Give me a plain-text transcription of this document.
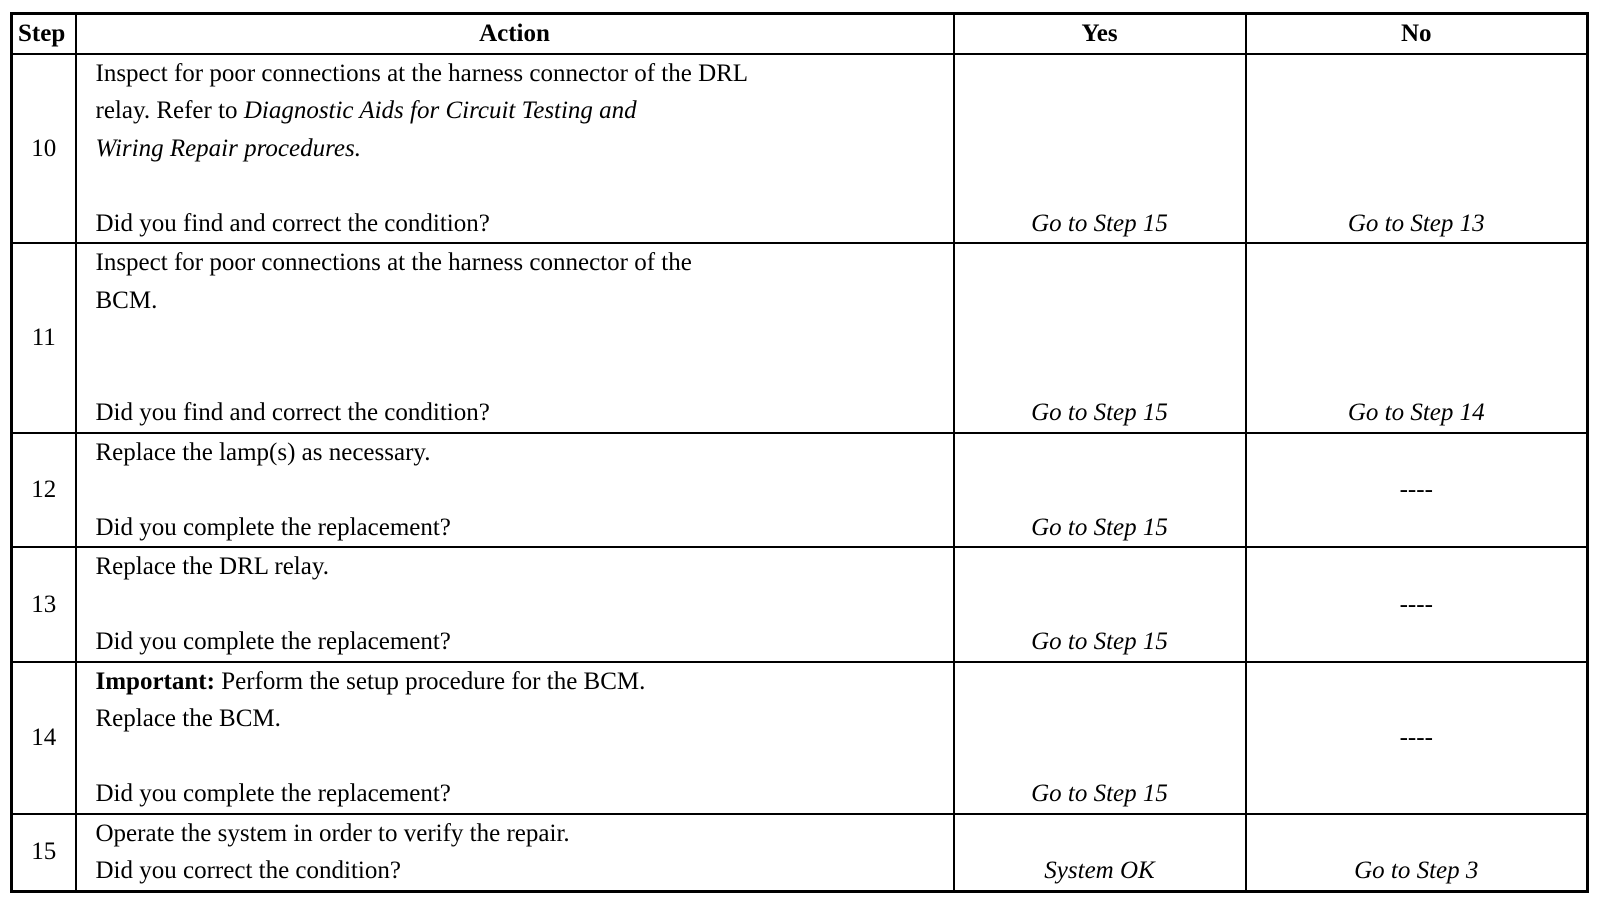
Step	Action	Yes	No
10	Inspect for poor connections at the harness connector of the DRL
relay. Refer to Diagnostic Aids for Circuit Testing and
Wiring Repair procedures.
Did you find and correct the condition?	Go to Step 15	Go to Step 13
11	Inspect for poor connections at the harness connector of the
BCM.
Did you find and correct the condition?	Go to Step 15	Go to Step 14
12	Replace the lamp(s) as necessary.
Did you complete the replacement?	Go to Step 15	----
13	Replace the DRL relay.
Did you complete the replacement?	Go to Step 15	----
14	Important: Perform the setup procedure for the BCM.
Replace the BCM.
Did you complete the replacement?	Go to Step 15	----
15	Operate the system in order to verify the repair.
Did you correct the condition?	System OK	Go to Step 3
